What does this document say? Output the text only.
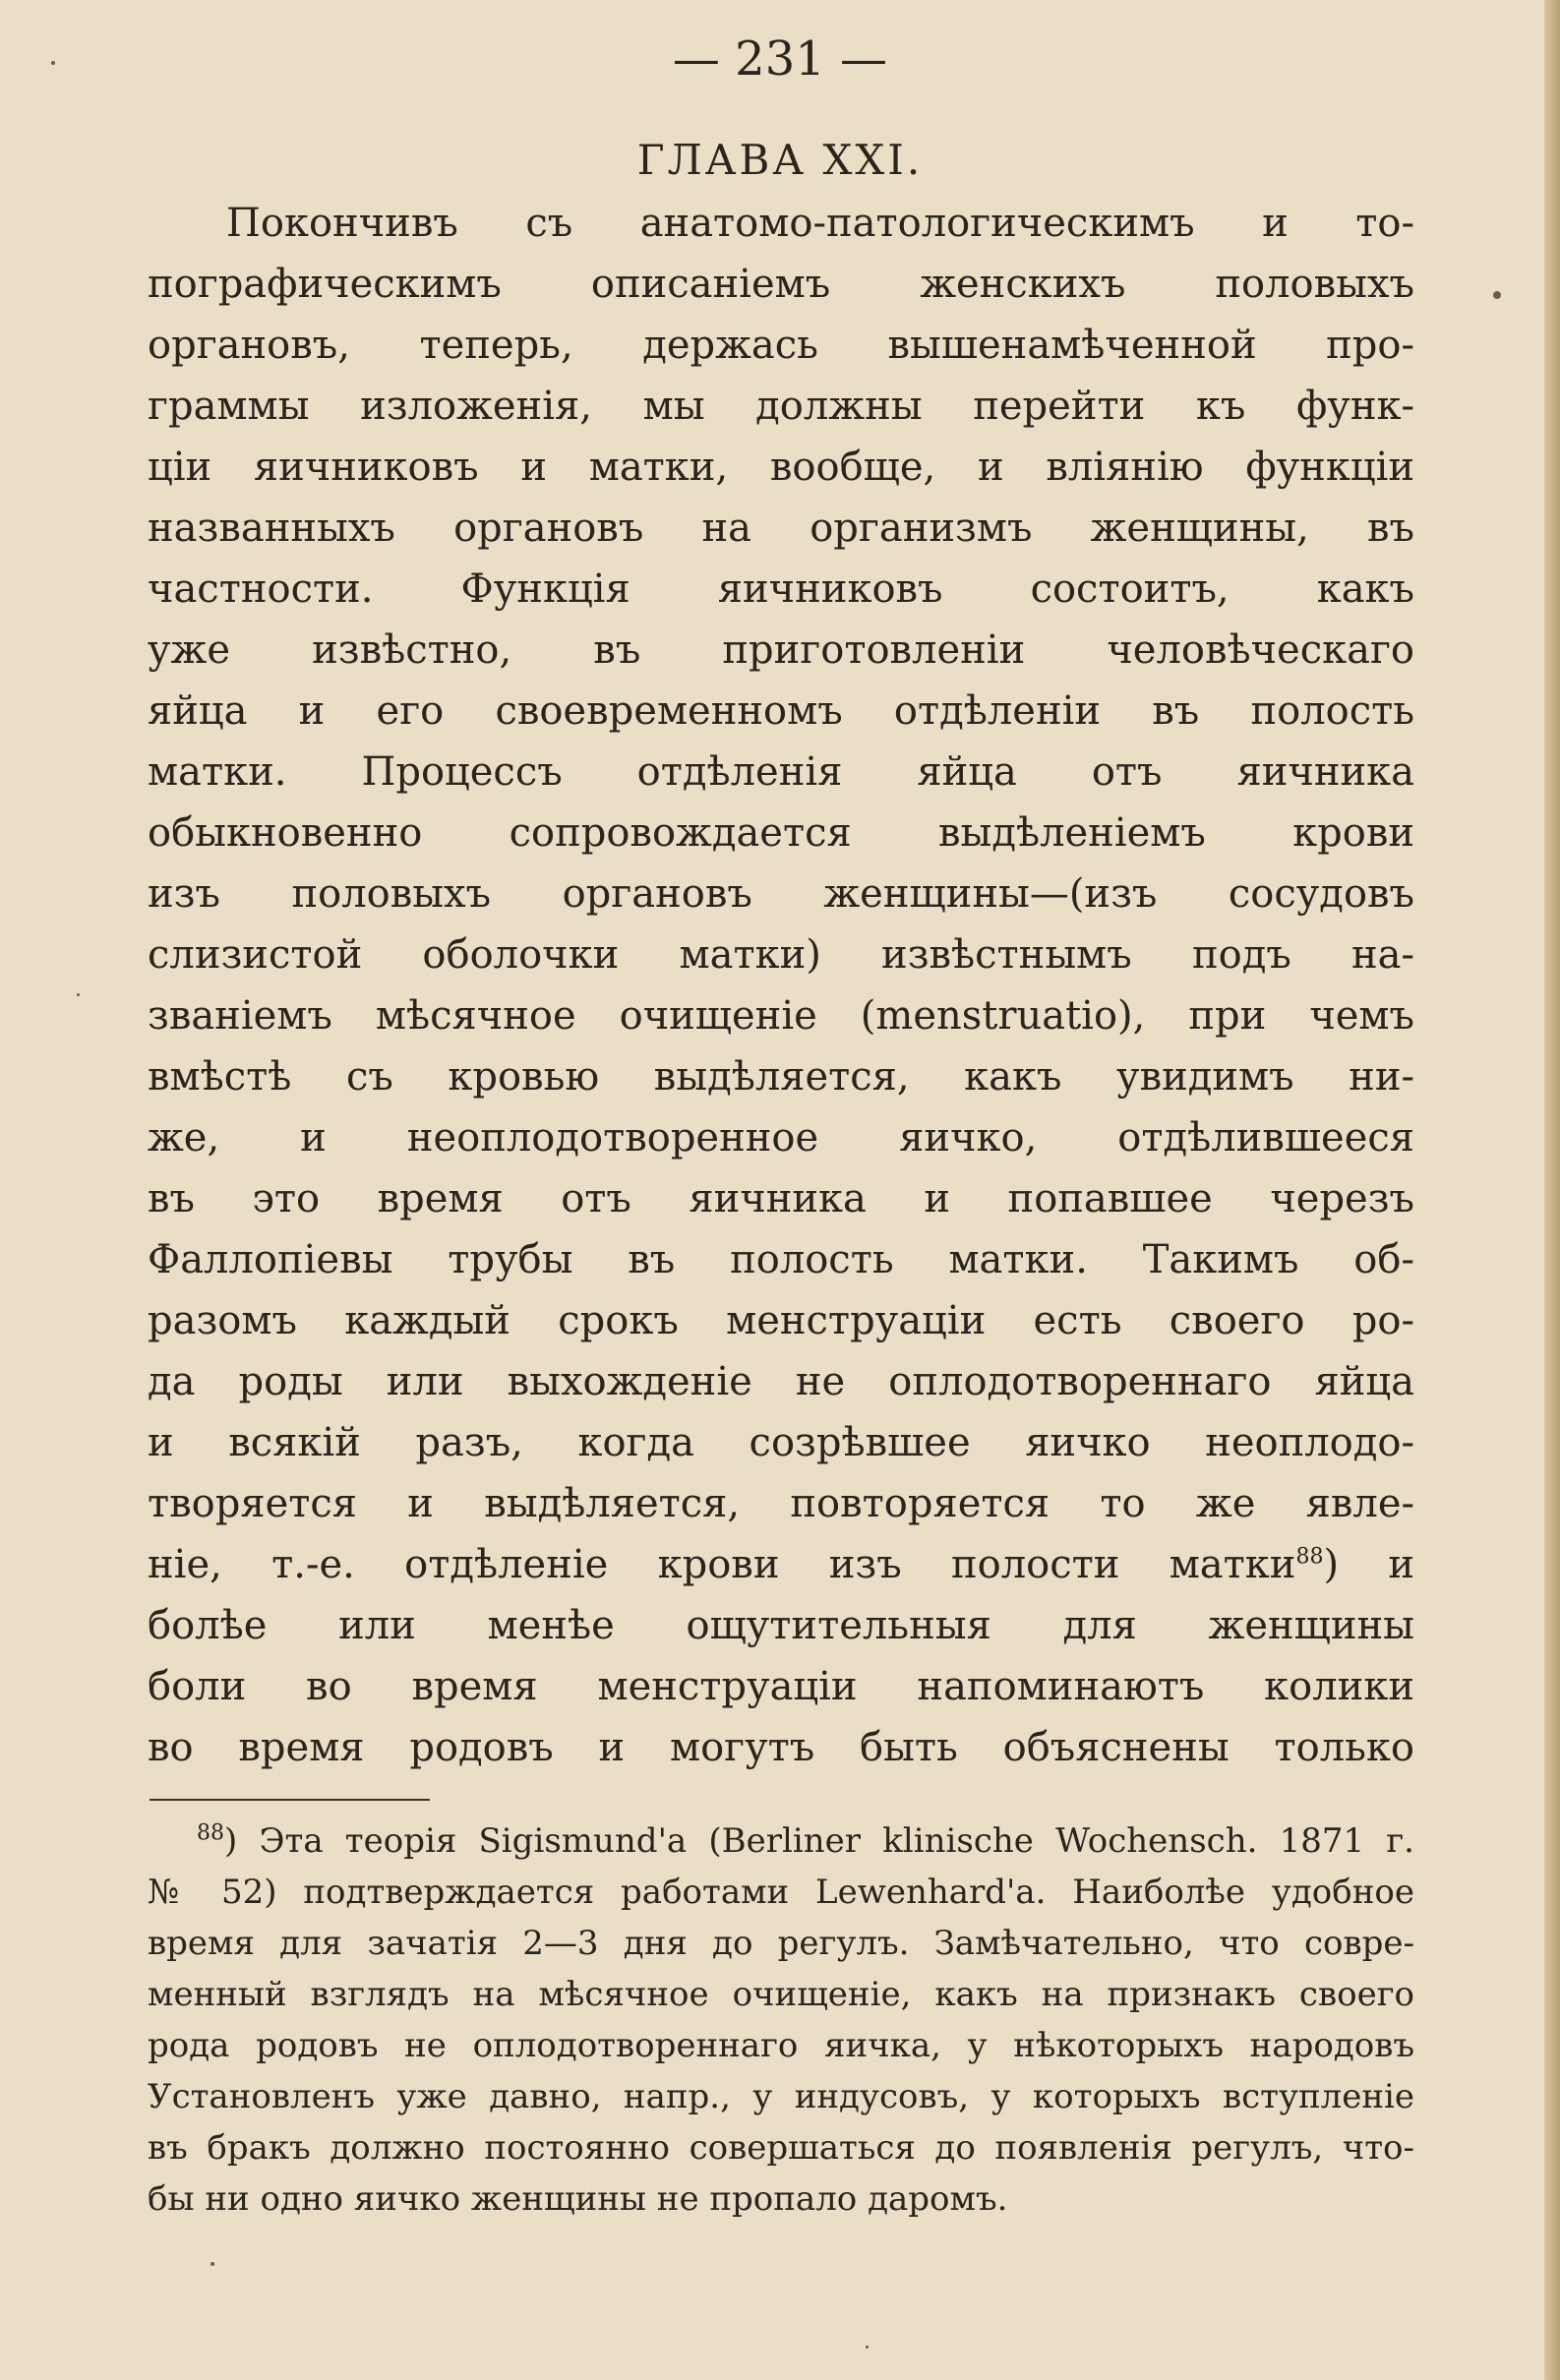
— 231 —
ГЛАВА XXI.
Покончивъ съ анатомо-патологическимъ и то-
пографическимъ описаніемъ женскихъ половыхъ
органовъ, теперь, держась вышенамѣченной про-
граммы изложенія, мы должны перейти къ функ-
ціи яичниковъ и матки, вообще, и вліянію функціи
названныхъ органовъ на организмъ женщины, въ
частности. Функція яичниковъ состоитъ, какъ
уже извѣстно, въ приготовленіи человѣческаго
яйца и его своевременномъ отдѣленіи въ полость
матки. Процессъ отдѣленія яйца отъ яичника
обыкновенно сопровождается выдѣленіемъ крови
изъ половыхъ органовъ женщины—(изъ сосудовъ
слизистой оболочки матки) извѣстнымъ подъ на-
званіемъ мѣсячное очищеніе (menstruatio), при чемъ
вмѣстѣ съ кровью выдѣляется, какъ увидимъ ни-
же, и неоплодотворенное яичко, отдѣлившееся
въ это время отъ яичника и попавшее черезъ
Фаллопіевы трубы въ полость матки. Такимъ об-
разомъ каждый срокъ менструаціи есть своего ро-
да роды или выхожденіе не оплодотвореннаго яйца
и всякій разъ, когда созрѣвшее яичко неоплодо-
творяется и выдѣляется, повторяется то же явле-
ніе, т.-е. отдѣленіе крови изъ полости матки$^{88}$) и
болѣе или менѣе ощутительныя для женщины
боли во время менструаціи напоминаютъ колики
во время родовъ и могутъ быть объяснены только
$^{88}$) Эта теорія Sigismund'a (Berliner klinische Wochensch. 1871 г.
№ 52) подтверждается работами Lewenhard'a. Наиболѣе удобное
время для зачатія 2—3 дня до регулъ. Замѣчательно, что совре-
менный взглядъ на мѣсячное очищеніе, какъ на признакъ своего
рода родовъ не оплодотвореннаго яичка, у нѣкоторыхъ народовъ
Установленъ уже давно, напр., у индусовъ, у которыхъ вступленіе
въ бракъ должно постоянно совершаться до появленія регулъ, что-
бы ни одно яичко женщины не пропало даромъ.
